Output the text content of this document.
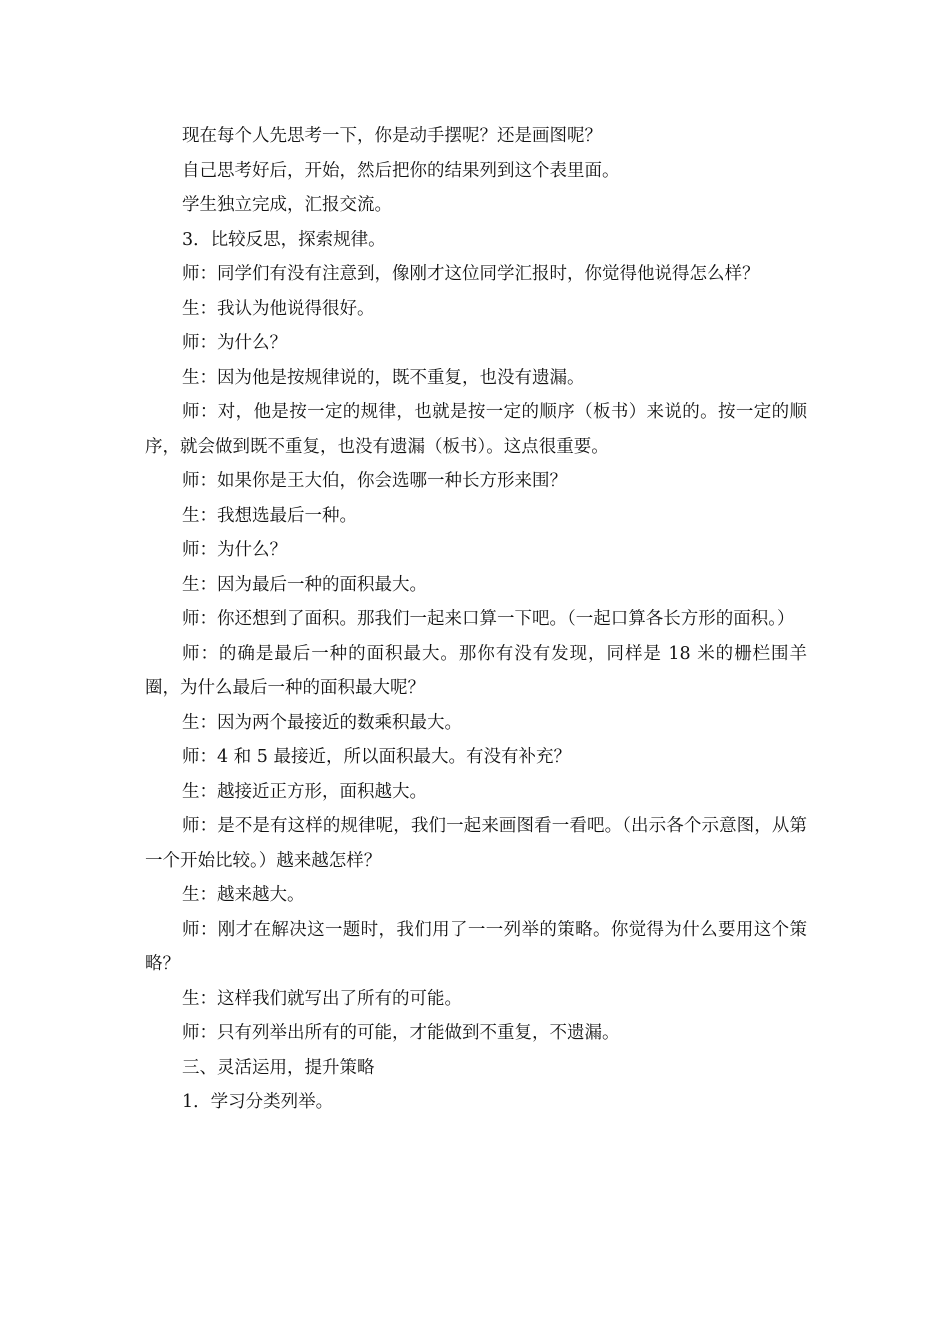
现在每个人先思考一下，你是动手摆呢？还是画图呢？

自己思考好后，开始，然后把你的结果列到这个表里面。

学生独立完成，汇报交流。

3．比较反思，探索规律。

师：同学们有没有注意到，像刚才这位同学汇报时，你觉得他说得怎么样？

生：我认为他说得很好。

师：为什么？

生：因为他是按规律说的，既不重复，也没有遗漏。

师：对，他是按一定的规律，也就是按一定的顺序（板书）来说的。按一定的顺序，就会做到既不重复，也没有遗漏（板书）。这点很重要。

师：如果你是王大伯，你会选哪一种长方形来围？

生：我想选最后一种。

师：为什么？

生：因为最后一种的面积最大。

师：你还想到了面积。那我们一起来口算一下吧。（一起口算各长方形的面积。）

师：的确是最后一种的面积最大。那你有没有发现，同样是 18 米的栅栏围羊圈，为什么最后一种的面积最大呢？

生：因为两个最接近的数乘积最大。

师：4 和 5 最接近，所以面积最大。有没有补充？

生：越接近正方形，面积越大。

师：是不是有这样的规律呢，我们一起来画图看一看吧。（出示各个示意图，从第一个开始比较。）越来越怎样？

生：越来越大。

师：刚才在解决这一题时，我们用了一一列举的策略。你觉得为什么要用这个策略？

生：这样我们就写出了所有的可能。

师：只有列举出所有的可能，才能做到不重复，不遗漏。

三、灵活运用，提升策略

1．学习分类列举。
